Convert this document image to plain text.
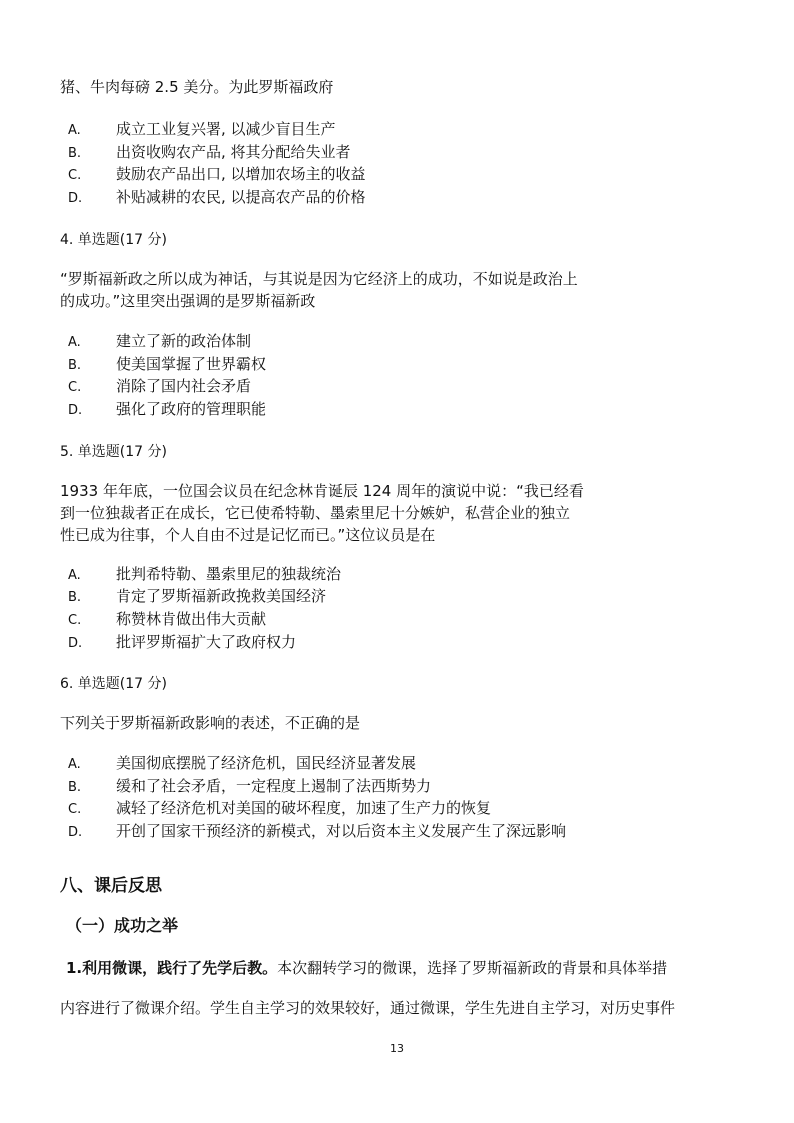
猪、牛肉每磅 2.5 美分。为此罗斯福政府
A. 成立工业复兴署, 以减少盲目生产
B. 出资收购农产品, 将其分配给失业者
C. 鼓励农产品出口, 以增加农场主的收益
D. 补贴减耕的农民, 以提高农产品的价格
4. 单选题(17 分)
“罗斯福新政之所以成为神话，与其说是因为它经济上的成功，不如说是政治上
的成功。”这里突出强调的是罗斯福新政
A. 建立了新的政治体制
B. 使美国掌握了世界霸权
C. 消除了国内社会矛盾
D. 强化了政府的管理职能
5. 单选题(17 分)
1933 年年底，一位国会议员在纪念林肯诞辰 124 周年的演说中说：“我已经看
到一位独裁者正在成长，它已使希特勒、墨索里尼十分嫉妒，私营企业的独立
性已成为往事，个人自由不过是记忆而已。”这位议员是在
A. 批判希特勒、墨索里尼的独裁统治
B. 肯定了罗斯福新政挽救美国经济
C. 称赞林肯做出伟大贡献
D. 批评罗斯福扩大了政府权力
6. 单选题(17 分)
下列关于罗斯福新政影响的表述，不正确的是
A. 美国彻底摆脱了经济危机，国民经济显著发展
B. 缓和了社会矛盾，一定程度上遏制了法西斯势力
C. 减轻了经济危机对美国的破坏程度，加速了生产力的恢复
D. 开创了国家干预经济的新模式，对以后资本主义发展产生了深远影响
八、课后反思
（一）成功之举
1.利用微课，践行了先学后教。本次翻转学习的微课，选择了罗斯福新政的背景和具体举措
内容进行了微课介绍。学生自主学习的效果较好，通过微课，学生先进自主学习，对历史事件
13
